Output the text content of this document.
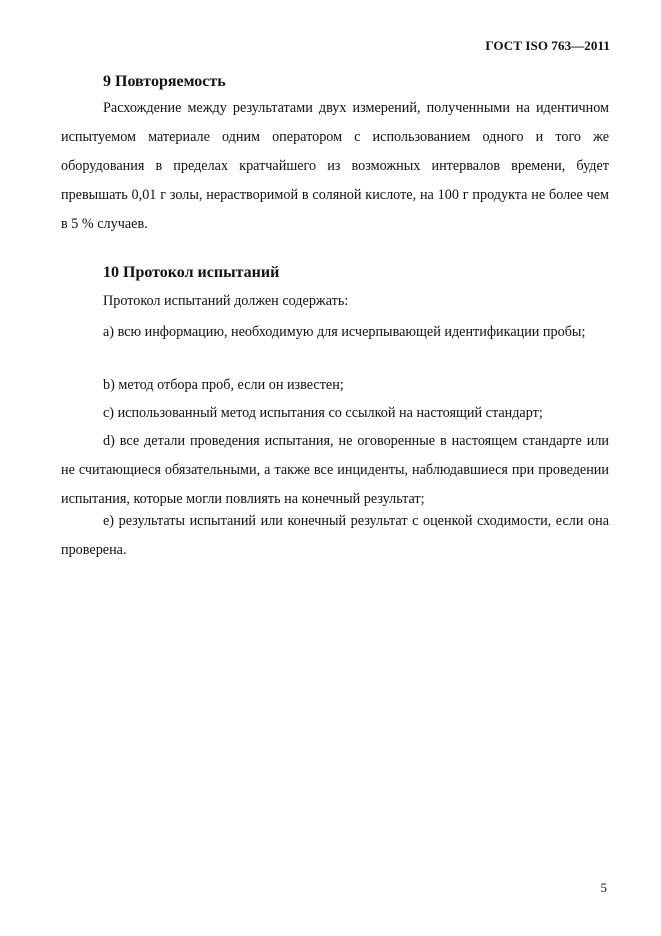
ГОСТ ISO 763—2011
9 Повторяемость

Расхождение между результатами двух измерений, полученными на идентичном испытуемом материале одним оператором с использованием одного и того же оборудования в пределах кратчайшего из возможных интервалов времени, будет превышать 0,01 г золы, нерастворимой в соляной кислоте, на 100 г продукта не более чем в 5 % случаев.

10 Протокол испытаний

Протокол испытаний должен содержать:

а) всю информацию, необходимую для исчерпывающей идентификации пробы;

b) метод отбора проб, если он известен;

с) использованный метод испытания со ссылкой на настоящий стандарт;

d) все детали проведения испытания, не оговоренные в настоящем стандарте или не считающиеся обязательными, а также все инциденты, наблюдавшиеся при проведении испытания, которые могли повлиять на конечный результат;

е) результаты испытаний или конечный результат с оценкой сходимости, если она проверена.

5
